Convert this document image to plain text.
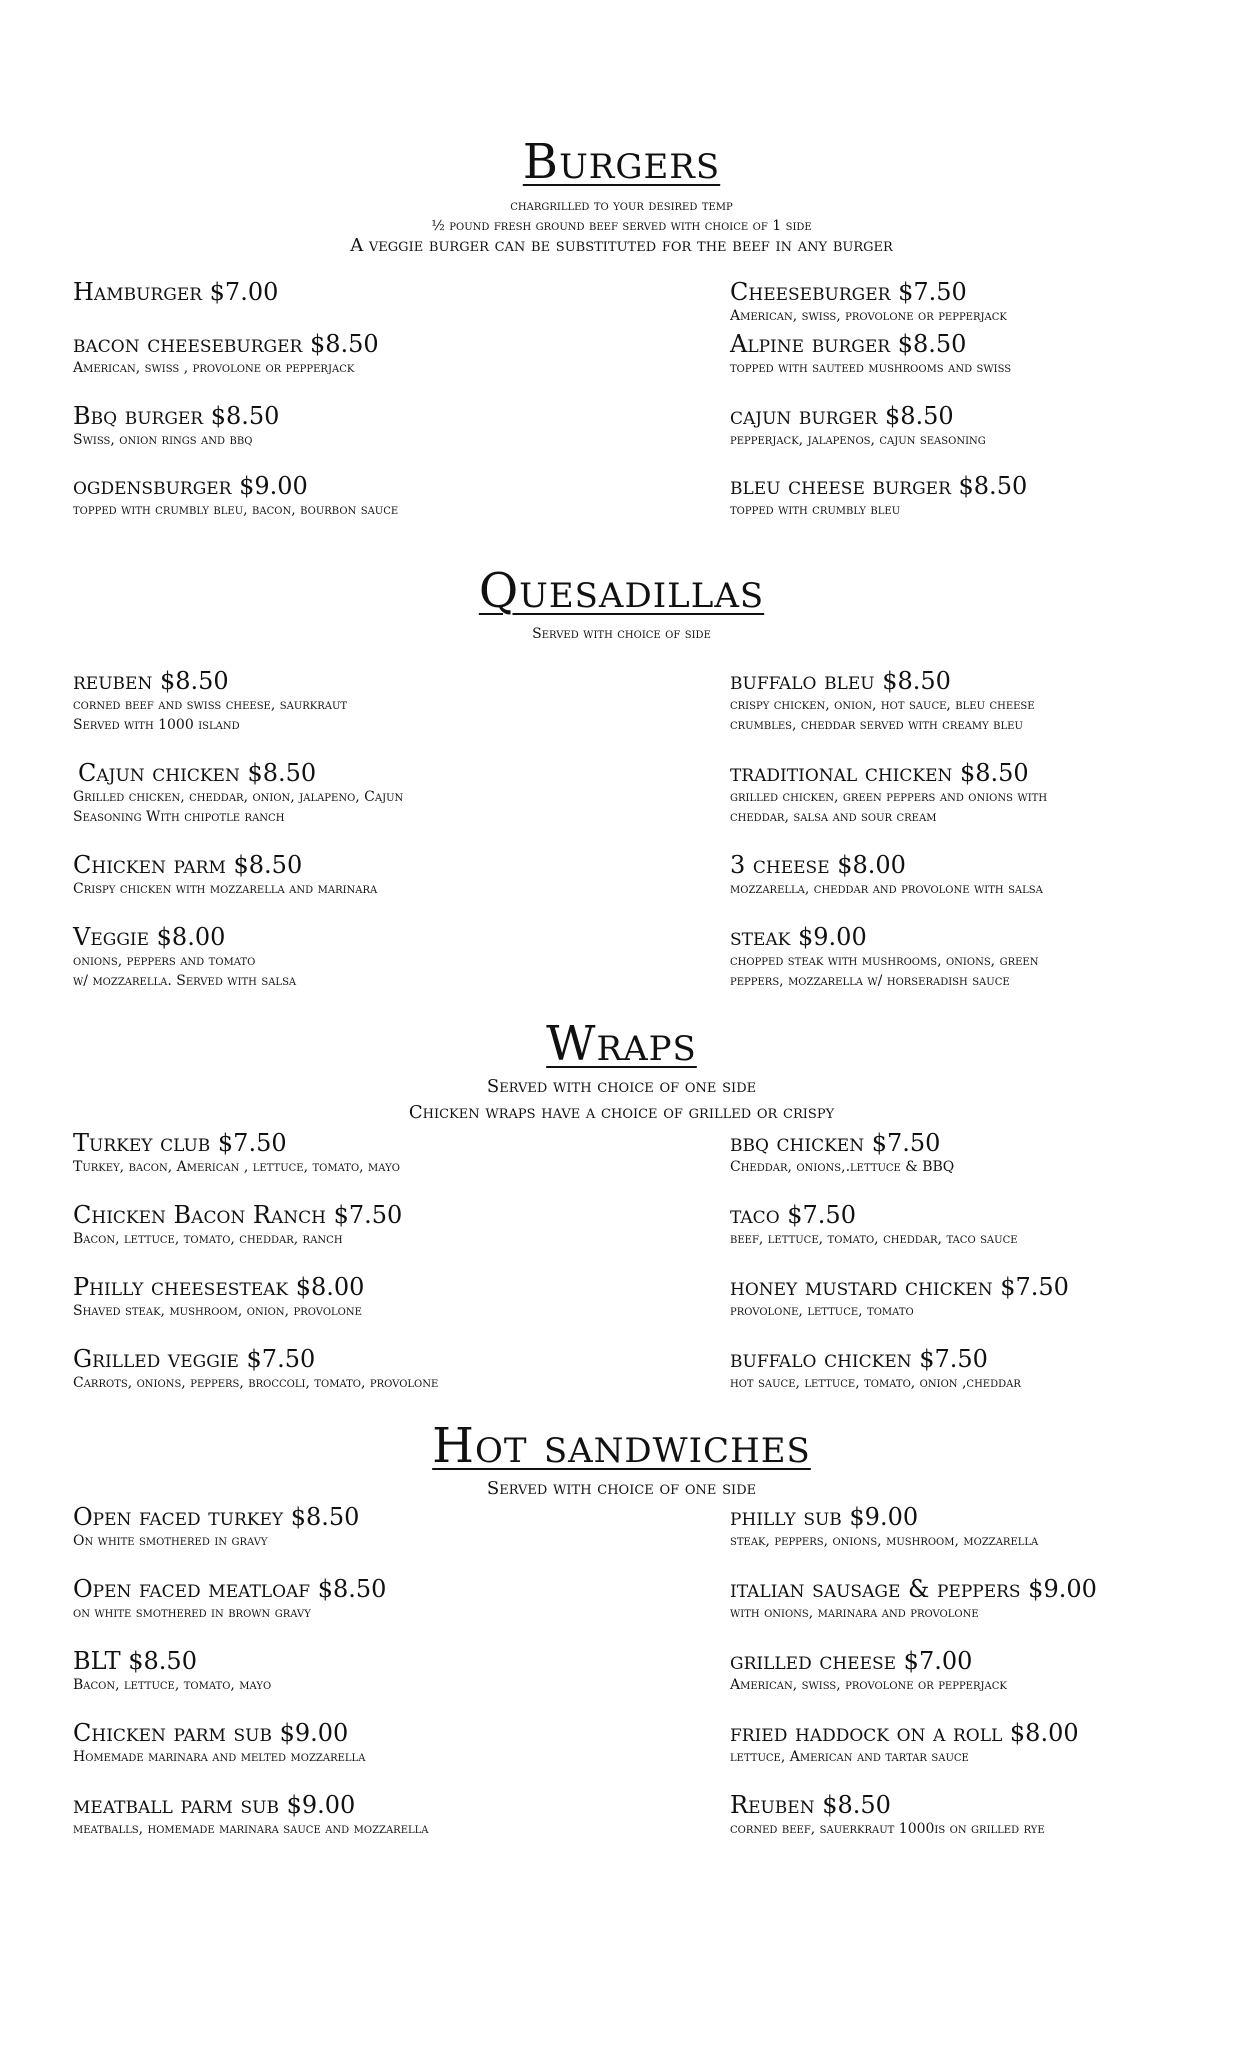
Burgers
chargrilled to your desired temp
½ pound fresh ground beef served with choice of 1 side
A veggie burger can be substituted for the beef in any burger
Hamburger $7.00
bacon cheeseburger $8.50
American, swiss , provolone or pepperjack
Bbq burger $8.50
Swiss, onion rings and bbq
ogdensburger $9.00
topped with crumbly bleu, bacon, bourbon sauce
Cheeseburger $7.50
American, swiss, provolone or pepperjack
Alpine burger $8.50
topped with sauteed mushrooms and swiss
cajun burger $8.50
pepperjack, jalapenos, cajun seasoning
bleu cheese burger $8.50
topped with crumbly bleu
Quesadillas
Served with choice of side
reuben $8.50
corned beef and swiss cheese, saurkraut
Served with 1000 island
Cajun chicken $8.50
Grilled chicken, cheddar, onion, jalapeno, Cajun
Seasoning With chipotle ranch
Chicken parm $8.50
Crispy chicken with mozzarella and marinara
Veggie $8.00
onions, peppers and tomato
w/ mozzarella. Served with salsa
buffalo bleu $8.50
crispy chicken, onion, hot sauce, bleu cheese
crumbles, cheddar served with creamy bleu
traditional chicken $8.50
grilled chicken, green peppers and onions with
cheddar, salsa and sour cream
3 cheese $8.00
mozzarella, cheddar and provolone with salsa
steak $9.00
chopped steak with mushrooms, onions, green
peppers, mozzarella w/ horseradish sauce
Wraps
Served with choice of one side
Chicken wraps have a choice of grilled or crispy
Turkey club $7.50
Turkey, bacon, American , lettuce, tomato, mayo
Chicken Bacon Ranch $7.50
Bacon, lettuce, tomato, cheddar, ranch
Philly cheesesteak $8.00
Shaved steak, mushroom, onion, provolone
Grilled veggie $7.50
Carrots, onions, peppers, broccoli, tomato, provolone
bbq chicken $7.50
Cheddar, onions,.lettuce & BBQ
taco $7.50
beef, lettuce, tomato, cheddar, taco sauce
honey mustard chicken $7.50
provolone, lettuce, tomato
buffalo chicken $7.50
hot sauce, lettuce, tomato, onion ,cheddar
Hot sandwiches
Served with choice of one side
Open faced turkey $8.50
On white smothered in gravy
Open faced meatloaf $8.50
on white smothered in brown gravy
BLT $8.50
Bacon, lettuce, tomato, mayo
Chicken parm sub $9.00
Homemade marinara and melted mozzarella
meatball parm sub $9.00
meatballs, homemade marinara sauce and mozzarella
philly sub $9.00
steak, peppers, onions, mushroom, mozzarella
italian sausage & peppers $9.00
with onions, marinara and provolone
grilled cheese $7.00
American, swiss, provolone or pepperjack
fried haddock on a roll $8.00
lettuce, American and tartar sauce
Reuben $8.50
corned beef, sauerkraut 1000is on grilled rye
